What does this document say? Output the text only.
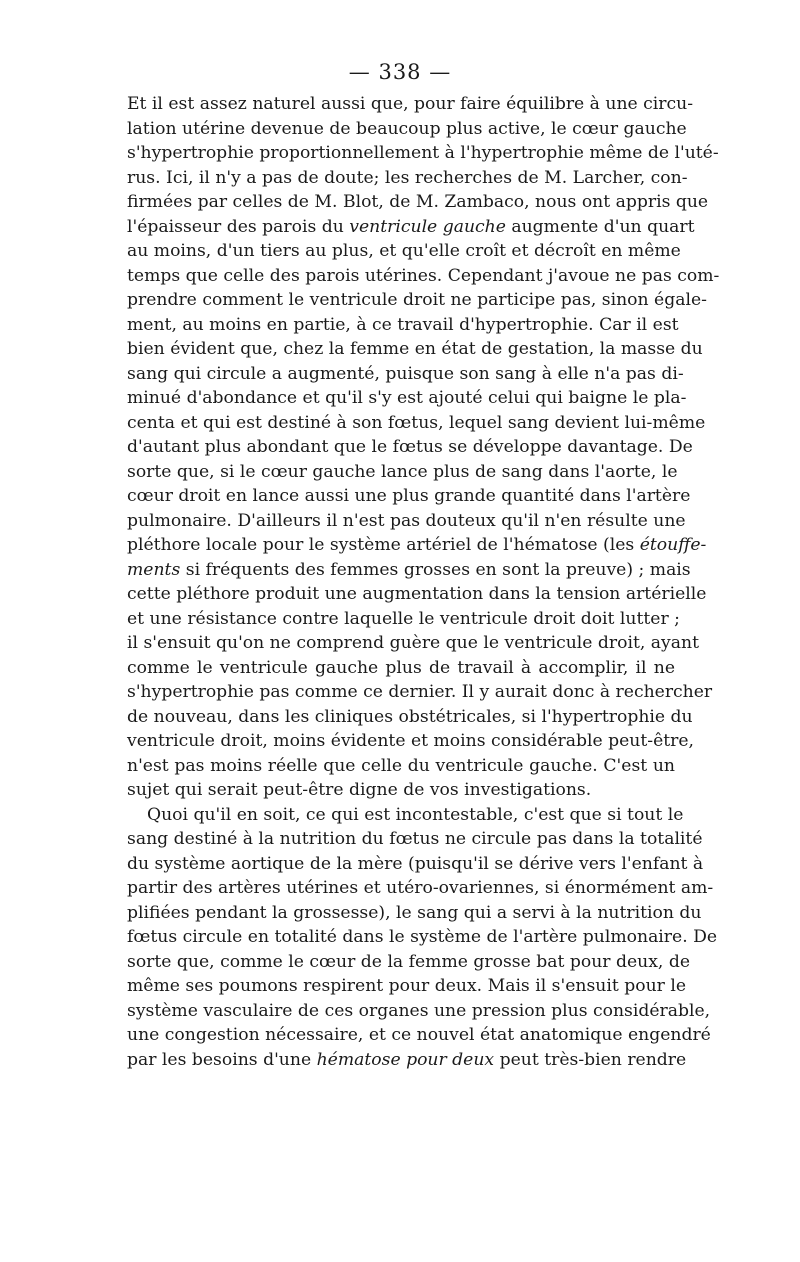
— 338 —
Et il est assez naturel aussi que, pour faire équilibre à une circu-
lation utérine devenue de beaucoup plus active, le cœur gauche
s'hypertrophie proportionnellement à l'hypertrophie même de l'uté-
rus. Ici, il n'y a pas de doute; les recherches de M. Larcher, con-
firmées par celles de M. Blot, de M. Zambaco, nous ont appris que
l'épaisseur des parois du ventricule gauche augmente d'un quart
au moins, d'un tiers au plus, et qu'elle croît et décroît en même
temps que celle des parois utérines. Cependant j'avoue ne pas com-
prendre comment le ventricule droit ne participe pas, sinon égale-
ment, au moins en partie, à ce travail d'hypertrophie. Car il est
bien évident que, chez la femme en état de gestation, la masse du
sang qui circule a augmenté, puisque son sang à elle n'a pas di-
minué d'abondance et qu'il s'y est ajouté celui qui baigne le pla-
centa et qui est destiné à son fœtus, lequel sang devient lui-même
d'autant plus abondant que le fœtus se développe davantage. De
sorte que, si le cœur gauche lance plus de sang dans l'aorte, le
cœur droit en lance aussi une plus grande quantité dans l'artère
pulmonaire. D'ailleurs il n'est pas douteux qu'il n'en résulte une
pléthore locale pour le système artériel de l'hématose (les étouffe-
ments si fréquents des femmes grosses en sont la preuve) ; mais
cette pléthore produit une augmentation dans la tension artérielle
et une résistance contre laquelle le ventricule droit doit lutter ;
il s'ensuit qu'on ne comprend guère que le ventricule droit, ayant
comme le ventricule gauche plus de travail à accomplir, il ne
s'hypertrophie pas comme ce dernier. Il y aurait donc à rechercher
de nouveau, dans les cliniques obstétricales, si l'hypertrophie du
ventricule droit, moins évidente et moins considérable peut-être,
n'est pas moins réelle que celle du ventricule gauche. C'est un
sujet qui serait peut-être digne de vos investigations.
Quoi qu'il en soit, ce qui est incontestable, c'est que si tout le
sang destiné à la nutrition du fœtus ne circule pas dans la totalité
du système aortique de la mère (puisqu'il se dérive vers l'enfant à
partir des artères utérines et utéro-ovariennes, si énormément am-
plifiées pendant la grossesse), le sang qui a servi à la nutrition du
fœtus circule en totalité dans le système de l'artère pulmonaire. De
sorte que, comme le cœur de la femme grosse bat pour deux, de
même ses poumons respirent pour deux. Mais il s'ensuit pour le
système vasculaire de ces organes une pression plus considérable,
une congestion nécessaire, et ce nouvel état anatomique engendré
par les besoins d'une hématose pour deux peut très-bien rendre
